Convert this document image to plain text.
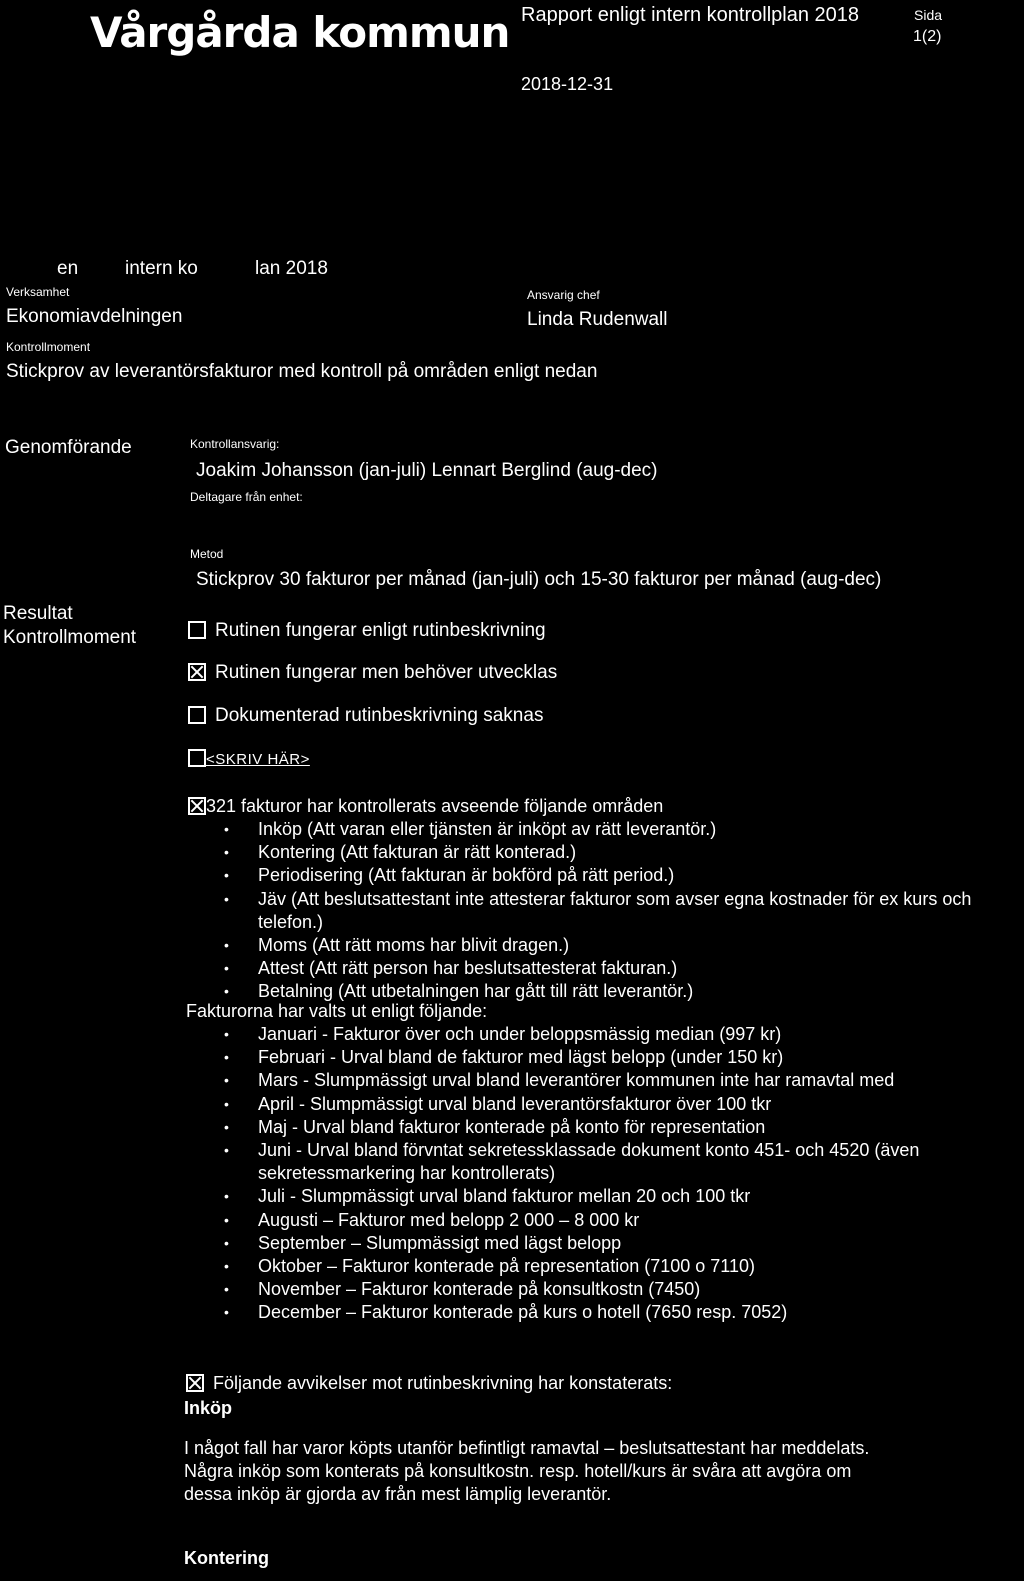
Vårgårda kommun Rapport enligt intern kontrollplan 2018	Sida
1(2)
2018-12-31
en intern ko	lan 2018
Verksamhet
Ekonomiavdelningen
Ansvarig chef
Linda Rudenwall
Kontrollmoment
Stickprov av leverantörsfakturor med kontroll på områden enligt nedan
Genomförande	Kontrollansvarig:
Joakim Johansson (jan-juli) Lennart Berglind (aug-dec)
Deltagare från enhet:
Metod
Stickprov 30 fakturor per månad (jan-juli) och 15-30 fakturor per månad (aug-dec)
Resultat
Kontrollmoment	Rutinen fungerar enligt rutinbeskrivning
Rutinen fungerar men behöver utvecklas
Dokumenterad rutinbeskrivning saknas
<SKRIV HÄR>
321 fakturor har kontrollerats avseende följande områden
• Inköp (Att varan eller tjänsten är inköpt av rätt leverantör.)
• Kontering (Att fakturan är rätt konterad.)
• Periodisering (Att fakturan är bokförd på rätt period.)
• Jäv (Att beslutsattestant inte attesterar fakturor som avser egna kostnader för ex kurs och telefon.)
• Moms (Att rätt moms har blivit dragen.)
• Attest (Att rätt person har beslutsattesterat fakturan.)
• Betalning (Att utbetalningen har gått till rätt leverantör.)
Fakturorna har valts ut enligt följande:
• Januari - Fakturor över och under beloppsmässig median (997 kr)
• Februari - Urval bland de fakturor med lägst belopp (under 150 kr)
• Mars - Slumpmässigt urval bland leverantörer kommunen inte har ramavtal med
• April - Slumpmässigt urval bland leverantörsfakturor över 100 tkr
• Maj - Urval bland fakturor konterade på konto för representation
• Juni - Urval bland förvntat sekretessklassade dokument konto 451- och 4520 (även sekretessmarkering har kontrollerats)
• Juli - Slumpmässigt urval bland fakturor mellan 20 och 100 tkr
• Augusti – Fakturor med belopp 2 000 – 8 000 kr
• September – Slumpmässigt med lägst belopp
• Oktober – Fakturor konterade på representation (7100 o 7110)
• November – Fakturor konterade på konsultkostn (7450)
• December – Fakturor konterade på kurs o hotell (7650 resp. 7052)
Följande avvikelser mot rutinbeskrivning har konstaterats:
Inköp
I något fall har varor köpts utanför befintligt ramavtal – beslutsattestant har meddelats. Några inköp som konterats på konsultkostn. resp. hotell/kurs är svåra att avgöra om dessa inköp är gjorda av från mest lämplig leverantör.
Kontering
